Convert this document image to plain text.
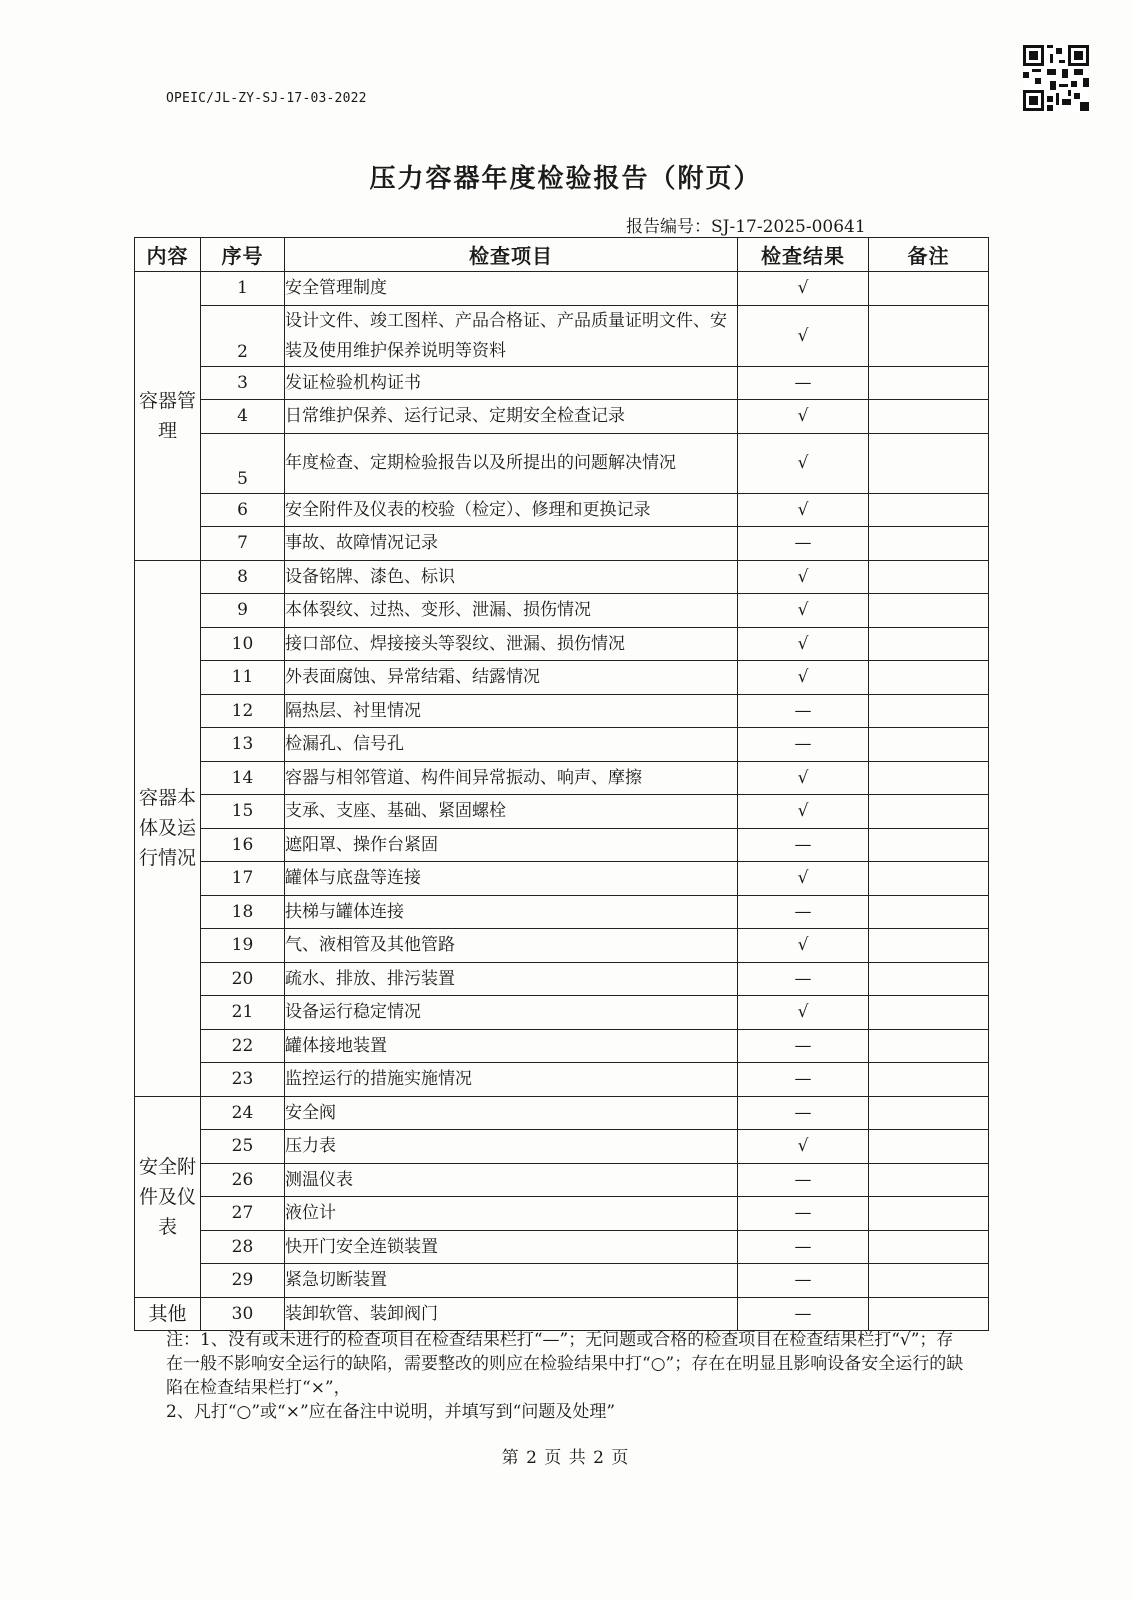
OPEIC/JL-ZY-SJ-17-03-2022
压力容器年度检验报告（附页）
报告编号：SJ-17-2025-00641
内容	序号	检查项目	检查结果	备注
容器管理	1	安全管理制度	√	
	2	设计文件、竣工图样、产品合格证、产品质量证明文件、安装及使用维护保养说明等资料	√	
	3	发证检验机构证书	—	
	4	日常维护保养、运行记录、定期安全检查记录	√	
	5	年度检查、定期检验报告以及所提出的问题解决情况	√	
	6	安全附件及仪表的校验（检定）、修理和更换记录	√	
	7	事故、故障情况记录	—	
容器本体及运行情况	8	设备铭牌、漆色、标识	√	
	9	本体裂纹、过热、变形、泄漏、损伤情况	√	
	10	接口部位、焊接接头等裂纹、泄漏、损伤情况	√	
	11	外表面腐蚀、异常结霜、结露情况	√	
	12	隔热层、衬里情况	—	
	13	检漏孔、信号孔	—	
	14	容器与相邻管道、构件间异常振动、响声、摩擦	√	
	15	支承、支座、基础、紧固螺栓	√	
	16	遮阳罩、操作台紧固	—	
	17	罐体与底盘等连接	√	
	18	扶梯与罐体连接	—	
	19	气、液相管及其他管路	√	
	20	疏水、排放、排污装置	—	
	21	设备运行稳定情况	√	
	22	罐体接地装置	—	
	23	监控运行的措施实施情况	—	
安全附件及仪表	24	安全阀	—	
	25	压力表	√	
	26	测温仪表	—	
	27	液位计	—	
	28	快开门安全连锁装置	—	
	29	紧急切断装置	—	
其他	30	装卸软管、装卸阀门	—	

注：1、没有或未进行的检查项目在检查结果栏打“—”；无问题或合格的检查项目在检查结果栏打“√”；存在一般不影响安全运行的缺陷，需要整改的则应在检验结果中打“○”；存在在明显且影响设备安全运行的缺陷在检查结果栏打“×”，

2、凡打“○”或“×”应在备注中说明，并填写到“问题及处理”

第 2 页 共 2 页
